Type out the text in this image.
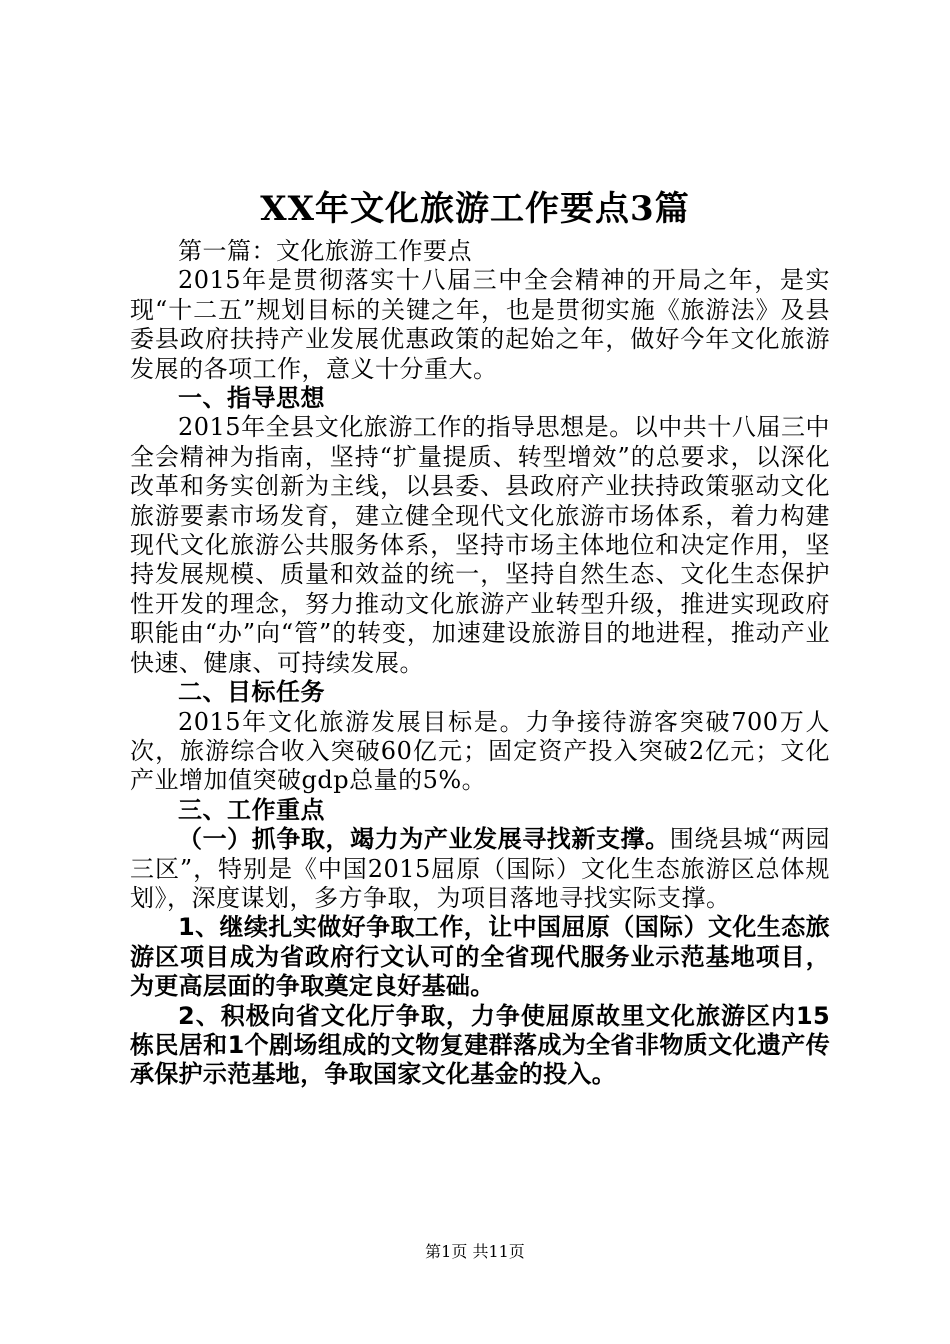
XX年文化旅游工作要点3篇

第一篇：文化旅游工作要点

2015年是贯彻落实十八届三中全会精神的开局之年，是实现“十二五”规划目标的关键之年，也是贯彻实施《旅游法》及县委县政府扶持产业发展优惠政策的起始之年，做好今年文化旅游发展的各项工作，意义十分重大。

一、指导思想

2015年全县文化旅游工作的指导思想是。以中共十八届三中全会精神为指南，坚持“扩量提质、转型增效”的总要求，以深化改革和务实创新为主线，以县委、县政府产业扶持政策驱动文化旅游要素市场发育，建立健全现代文化旅游市场体系，着力构建现代文化旅游公共服务体系，坚持市场主体地位和决定作用，坚持发展规模、质量和效益的统一，坚持自然生态、文化生态保护性开发的理念，努力推动文化旅游产业转型升级，推进实现政府职能由“办”向“管”的转变，加速建设旅游目的地进程，推动产业快速、健康、可持续发展。

二、目标任务

2015年文化旅游发展目标是。力争接待游客突破700万人次，旅游综合收入突破60亿元；固定资产投入突破2亿元；文化产业增加值突破gdp总量的5%。

三、工作重点

（一）抓争取，竭力为产业发展寻找新支撑。围绕县城“两园三区”，特别是《中国2015屈原（国际）文化生态旅游区总体规划》，深度谋划，多方争取，为项目落地寻找实际支撑。

1、继续扎实做好争取工作，让中国屈原（国际）文化生态旅游区项目成为省政府行文认可的全省现代服务业示范基地项目，为更高层面的争取奠定良好基础。

2、积极向省文化厅争取，力争使屈原故里文化旅游区内15栋民居和1个剧场组成的文物复建群落成为全省非物质文化遗产传承保护示范基地，争取国家文化基金的投入。

第1页 共11页
